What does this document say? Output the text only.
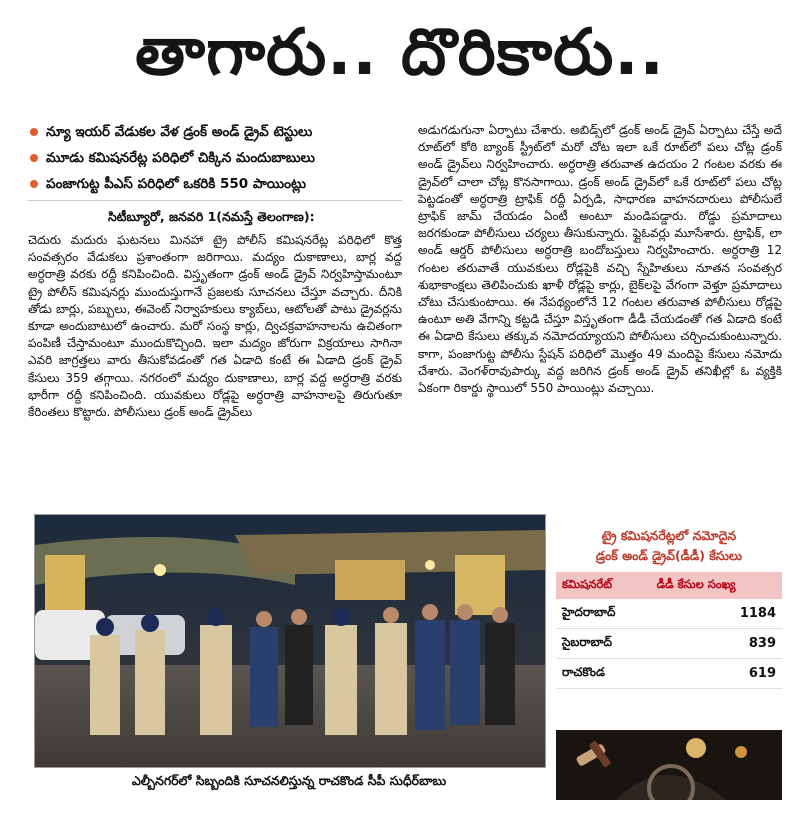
తాగారు.. దొరికారు..
న్యూ ఇయర్ వేడుకల వేళ డ్రంక్ అండ్ డ్రైవ్ టెస్టులు
మూడు కమిషనరేట్ల పరిధిలో చిక్కిన మందుబాబులు
పంజాగుట్ట పీఎస్ పరిధిలో ఒకరికి 550 పాయింట్లు
సిటీబ్యూరో, జనవరి 1(నమస్తే తెలంగాణ):
చెదురు మదురు ఘటనలు మినహా ట్రై పోలీస్ కమిషనరేట్ల పరిధిలో కొత్త సంవత్సరం వేడుకలు ప్రశాంతంగా జరిగాయి. మద్యం దుకాణాలు, బార్ల వద్ద అర్ధరాత్రి వరకు రద్దీ కనిపించింది. విస్తృతంగా డ్రంక్ అండ్ డ్రైవ్ నిర్వహిస్తామంటూ ట్రై పోలీస్ కమిషనర్లు ముందుస్తుగానే ప్రజలకు సూచనలు చేస్తూ వచ్చారు. దీనికి తోడు బార్లు, పబ్బులు, ఈవెంట్ నిర్వాహకులు క్యాబ్‌లు, ఆటోలతో పాటు డ్రైవర్లను కూడా అందుబాటులో ఉంచారు. మరో సంస్థ కార్లు, ద్విచక్రవాహనాలను ఉచితంగా పంపిణీ చేస్తామంటూ ముందుకొచ్చింది. ఇలా మద్యం జోరుగా విక్రయాలు సాగినా ఎవరి జాగ్రత్తలు వారు తీసుకోవడంతో గత ఏడాది కంటే ఈ ఏడాది డ్రంక్ డ్రైవ్ కేసులు 359 తగ్గాయి. నగరంలో మద్యం దుకాణాలు, బార్ల వద్ద అర్ధరాత్రి వరకు భారీగా రద్దీ కనిపించింది. యువకులు రోడ్లపై అర్ధరాత్రి వాహనాలపై తిరుగుతూ కేరింతలు కొట్టారు. పోలీసులు డ్రంక్ అండ్ డ్రైవ్‌లు
అడుగడుగునా ఏర్పాటు చేశారు. అబిడ్స్‌లో డ్రంక్ అండ్ డ్రైవ్ ఏర్పాటు చేస్తే అదే రూట్‌లో కోఠి బ్యాంక్ స్ట్రీట్‌లో మరో చోట ఇలా ఒకే రూట్‌లో పలు చోట్ల డ్రంక్ అండ్ డ్రైవ్‌లు నిర్వహించారు. అర్ధరాత్రి తరువాత ఉదయం 2 గంటల వరకు ఈ డ్రైవ్‌లో చాలా చోట్ల కొనసాగాయి. డ్రంక్ అండ్ డ్రైవ్‌లో ఒకే రూట్‌లో పలు చోట్ల పెట్టడంతో అర్ధరాత్రి ట్రాఫిక్ రద్దీ ఏర్పడి, సాధారణ వాహనదారులు పోలీసులే ట్రాఫిక్ జామ్ చేయడం ఏంటీ అంటూ మండిపడ్డారు. రోడ్డు ప్రమాదాలు జరగకుండా పోలీసులు చర్యలు తీసుకున్నారు. ఫ్లైఓవర్లు మూసేశారు. ట్రాఫిక్, లా అండ్ ఆర్డర్ పోలీసులు అర్ధరాత్రి బందోబస్తులు నిర్వహించారు. అర్ధరాత్రి 12 గంటల తరువాతే యువకులు రోడ్లపైకి వచ్చి స్నేహితులు నూతన సంవత్సర శుభాకాంక్షలు తెలిపించుకు ఖాళీ రోడ్లపై కార్లు, బైక్‌లపై వేగంగా వెళ్తూ ప్రమాదాలు చోటు చేసుకుంటాయి. ఈ నేపథ్యంలోనే 12 గంటల తరువాత పోలీసులు రోడ్లపై ఉంటూ అతి వేగాన్ని కట్టడి చేస్తూ విస్తృతంగా డీడీ చేయడంతో గత ఏడాది కంటే ఈ ఏడాది కేసులు తక్కువ నమోదయ్యాయని పోలీసులు చర్చించుకుంటున్నారు. కాగా, పంజాగుట్ట పోలీసు స్టేషన్ పరిధిలో మొత్తం 49 మందిపై కేసులు నమోదు చేశారు. వెంగళ్‌రావుపార్కు వద్ద జరిగిన డ్రంక్ అండ్ డ్రైవ్ తనిఖీల్లో ఓ వ్యక్తికి ఏకంగా రికార్డు స్థాయిలో 550 పాయింట్లు వచ్చాయి.
ఎల్బీనగర్‌లో సిబ్బందికి సూచనలిస్తున్న రాచకొండ సీపీ సుధీర్‌బాబు
ట్రై కమిషనరేట్లలో నమోదైన
డ్రంక్ అండ్ డ్రైవ్(డీడీ) కేసులు
కమిషనరేట్	డీడీ కేసుల సంఖ్య
హైదరాబాద్	1184
సైబరాబాద్	839
రాచకొండ	619
